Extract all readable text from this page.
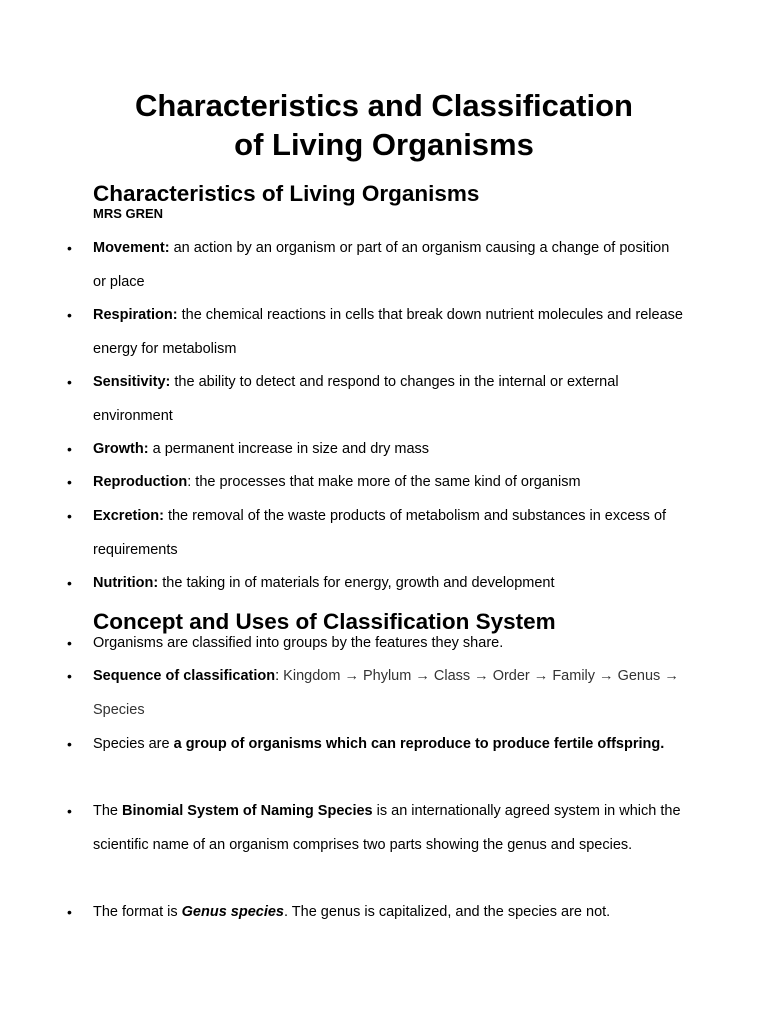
Characteristics and Classification
of Living Organisms
Characteristics of Living Organisms
MRS GREN
• Movement: an action by an organism or part of an organism causing a change of position or place
• Respiration: the chemical reactions in cells that break down nutrient molecules and release energy for metabolism
• Sensitivity: the ability to detect and respond to changes in the internal or external environment
• Growth: a permanent increase in size and dry mass
• Reproduction: the processes that make more of the same kind of organism
• Excretion: the removal of the waste products of metabolism and substances in excess of requirements
• Nutrition: the taking in of materials for energy, growth and development
Concept and Uses of Classification System
• Organisms are classified into groups by the features they share.
• Sequence of classification: Kingdom → Phylum → Class → Order → Family → Genus → Species
• Species are a group of organisms which can reproduce to produce fertile offspring.
• The Binomial System of Naming Species is an internationally agreed system in which the scientific name of an organism comprises two parts showing the genus and species.
• The format is Genus species. The genus is capitalized, and the species are not.
